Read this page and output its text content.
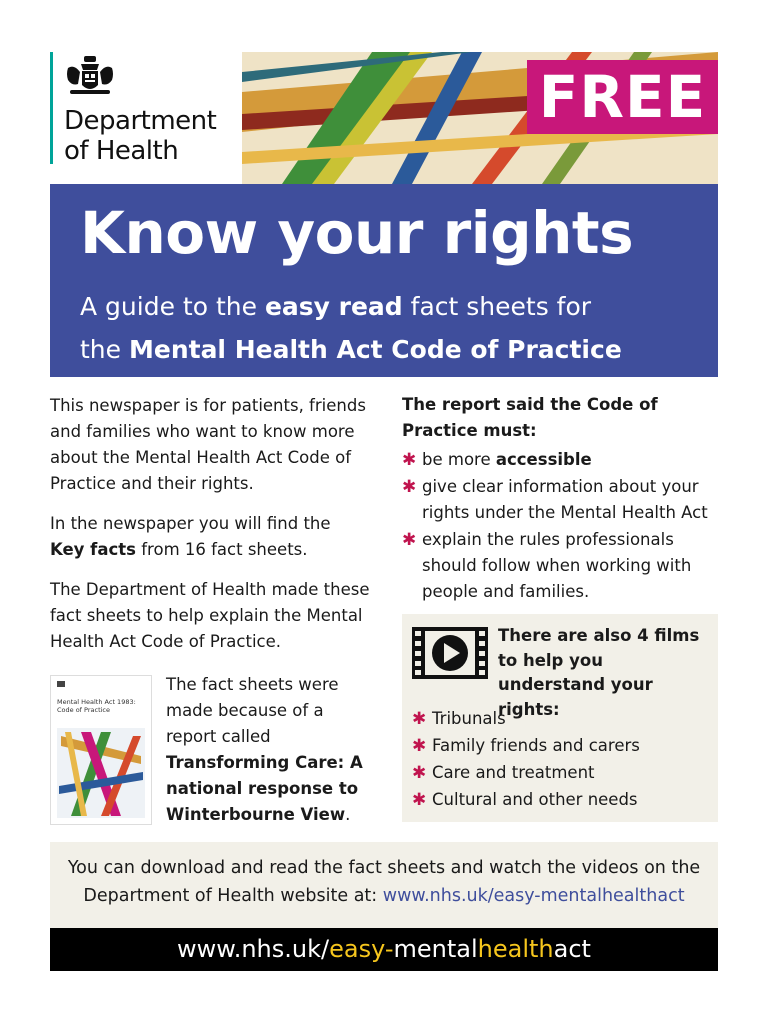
Department
of Health
FREE
Know your rights
A guide to the easy read fact sheets for
the Mental Health Act Code of Practice
This newspaper is for patients, friends and families who want to know more about the Mental Health Act Code of Practice and their rights.
In the newspaper you will find the Key facts from 16 fact sheets.
The Department of Health made these fact sheets to help explain the Mental Health Act Code of Practice.
Mental Health Act 1983: Code of Practice
The fact sheets were made because of a report called Transforming Care: A national response to Winterbourne View.
The report said the Code of Practice must:
✱ be more accessible
✱ give clear information about your rights under the Mental Health Act
✱ explain the rules professionals should follow when working with people and families.
There are also 4 films to help you understand your rights:
✱ Tribunals
✱ Family friends and carers
✱ Care and treatment
✱ Cultural and other needs
You can download and read the fact sheets and watch the videos on the Department of Health website at: www.nhs.uk/easy-mentalhealthact
www.nhs.uk/easy-mentalhealthact
